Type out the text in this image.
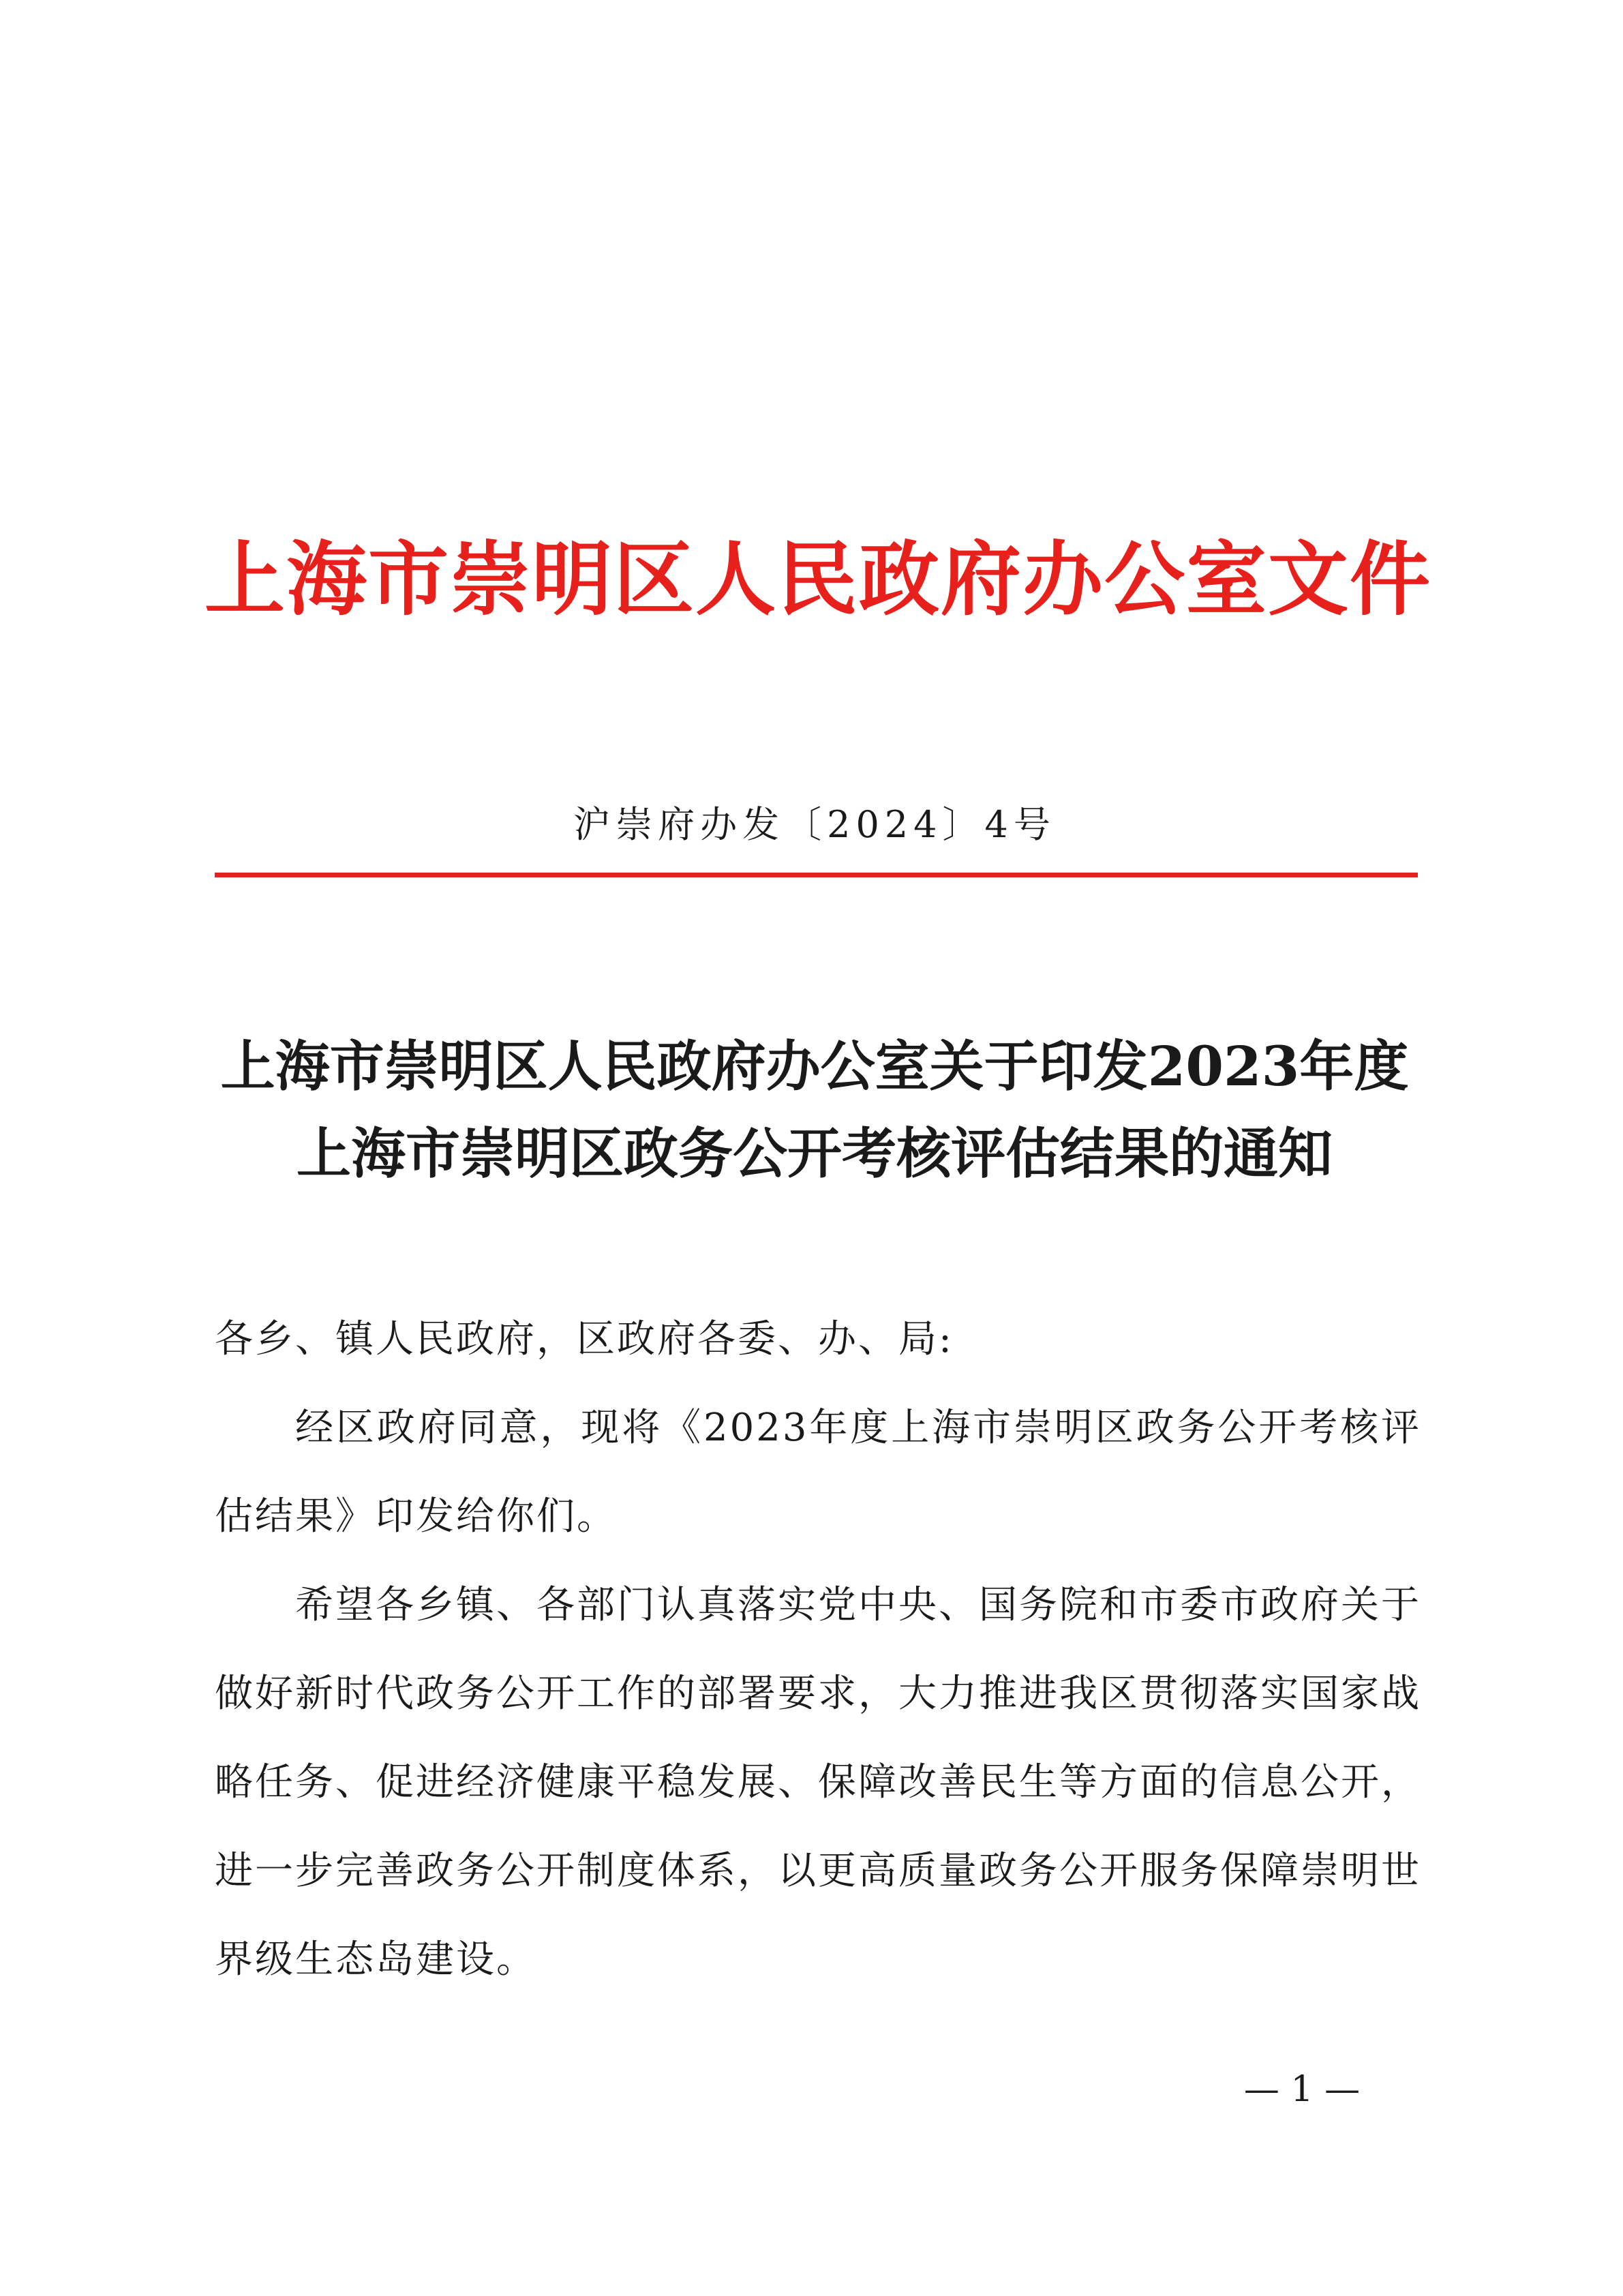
上海市崇明区人民政府办公室文件
沪崇府办发〔2024〕4号
上海市崇明区人民政府办公室关于印发2023年度
上海市崇明区政务公开考核评估结果的通知

各乡、镇人民政府，区政府各委、办、局:

经区政府同意，现将《2023年度上海市崇明区政务公开考核评估结果》印发给你们。

希望各乡镇、各部门认真落实党中央、国务院和市委市政府关于做好新时代政务公开工作的部署要求，大力推进我区贯彻落实国家战略任务、促进经济健康平稳发展、保障改善民生等方面的信息公开，进一步完善政务公开制度体系，以更高质量政务公开服务保障崇明世界级生态岛建设。

— 1 —
